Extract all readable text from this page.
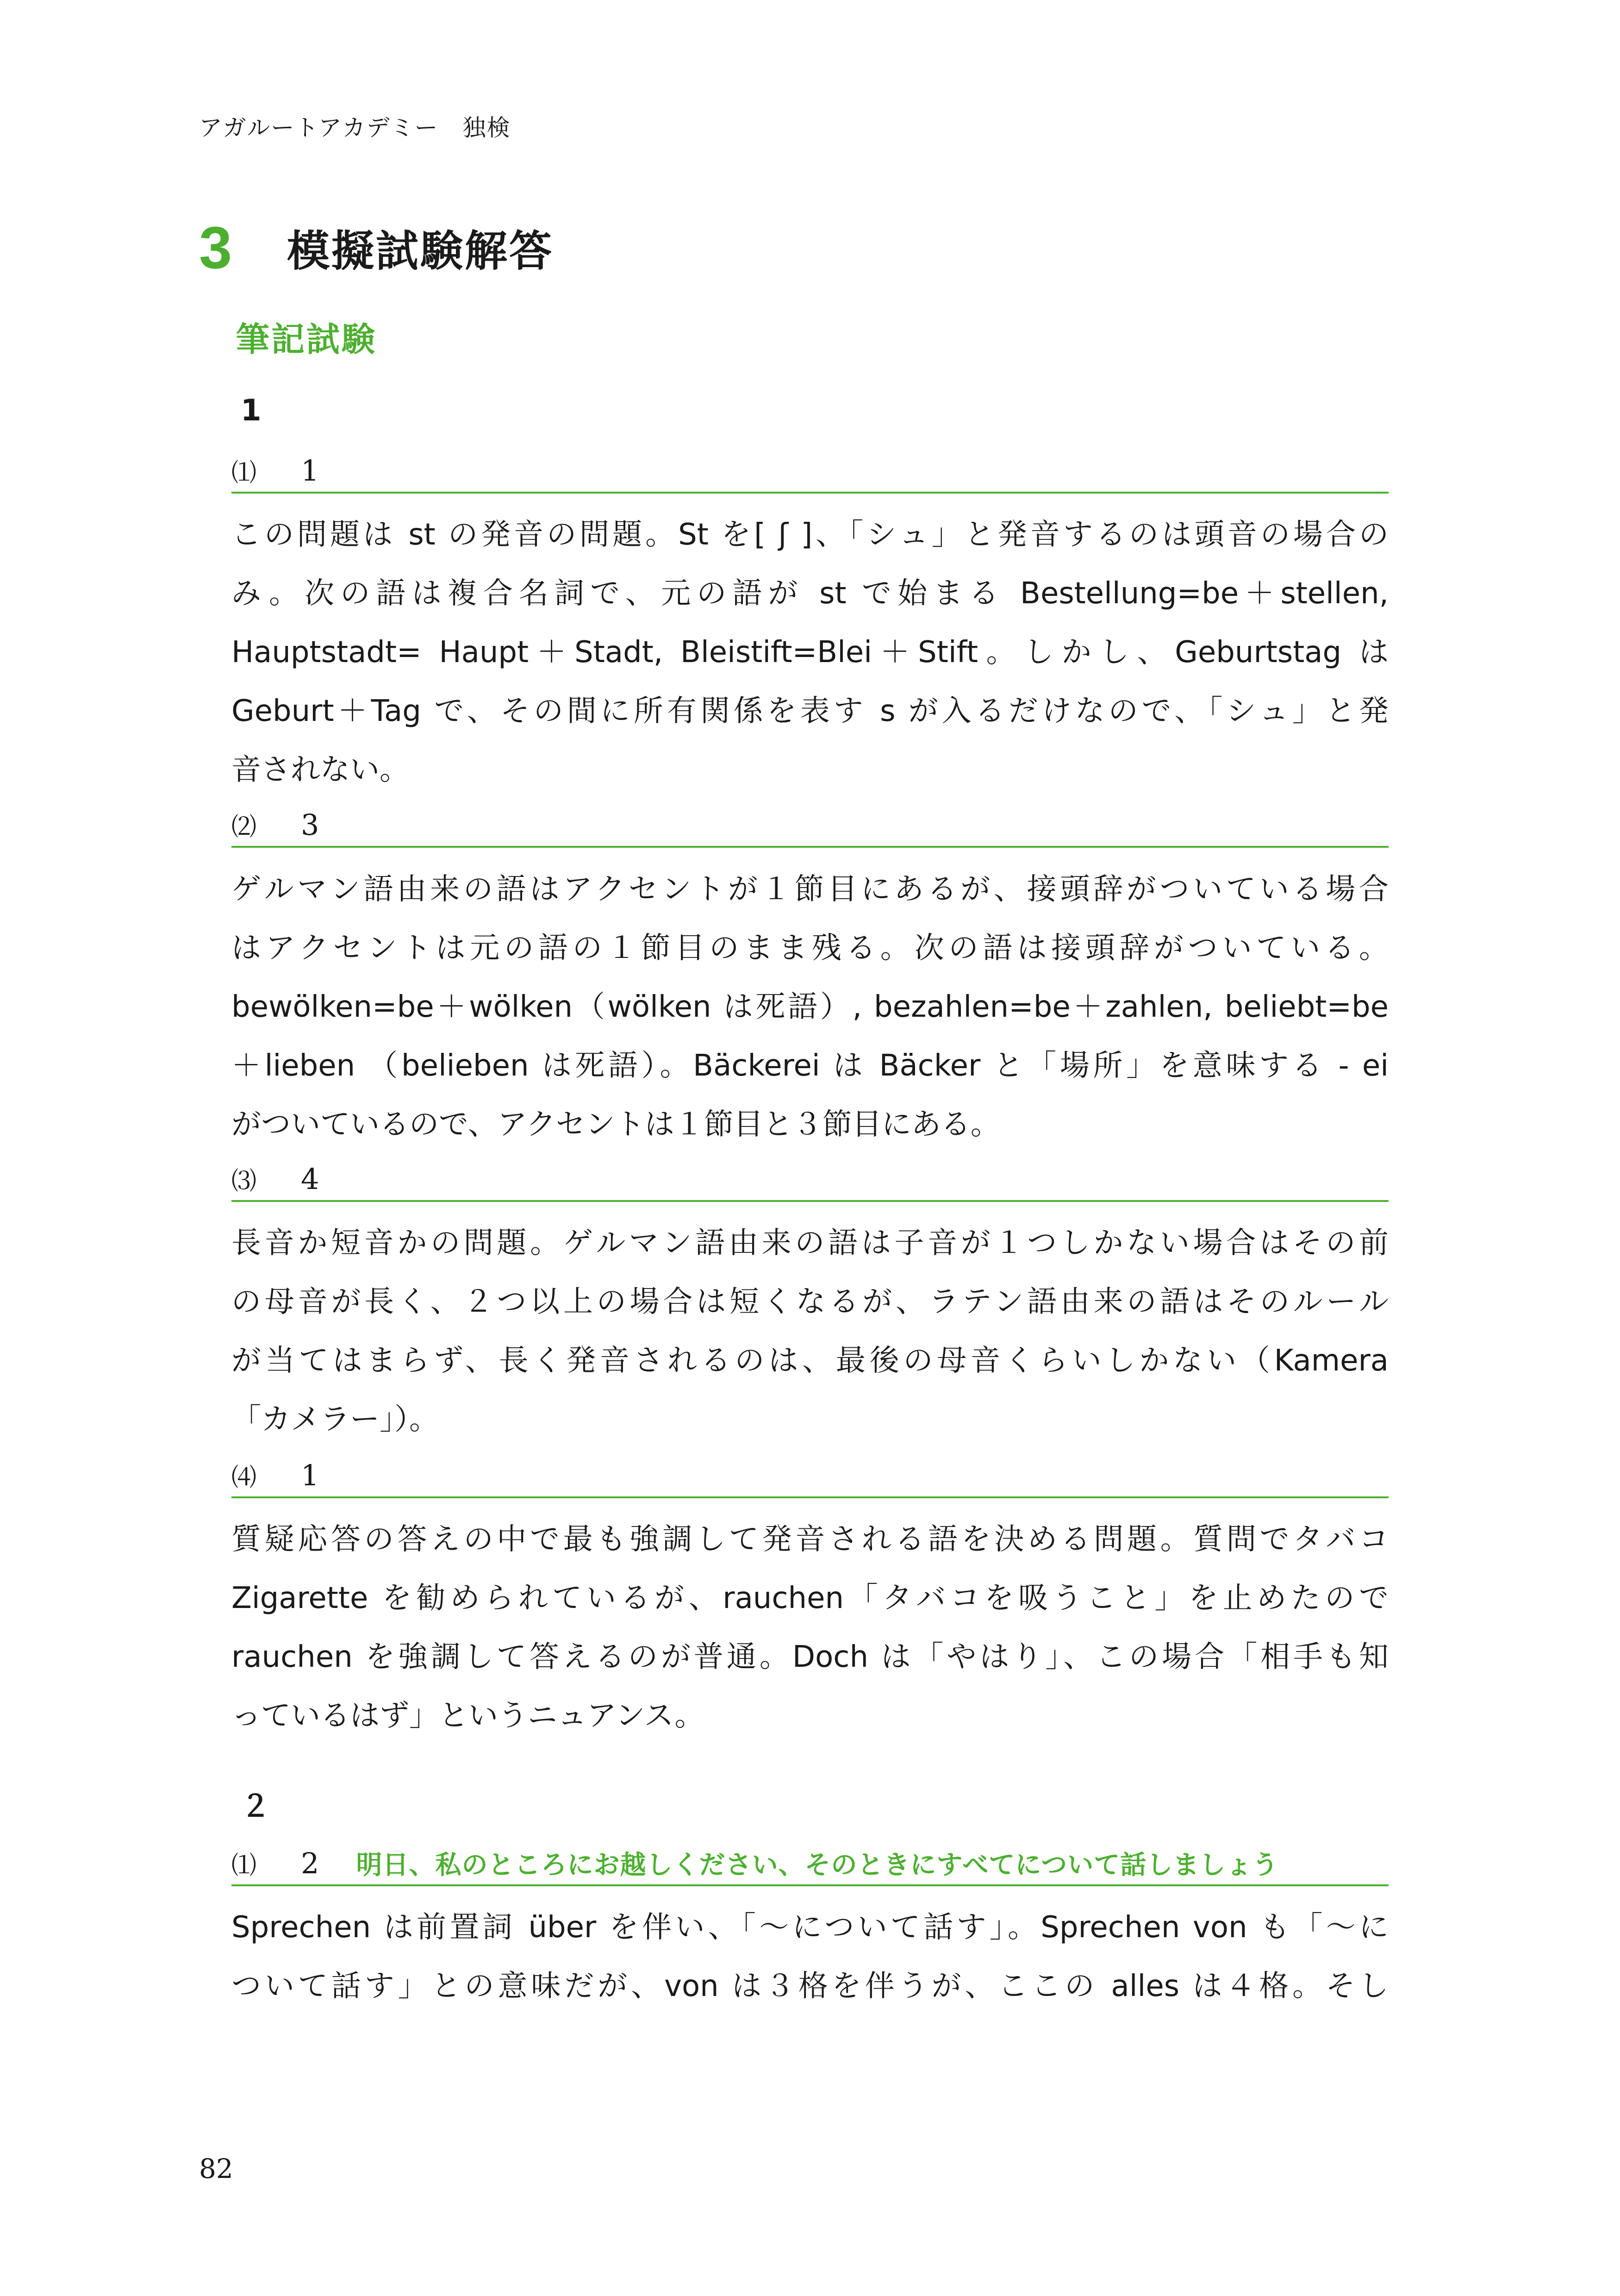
アガルートアカデミー　独検
3	模擬試験解答
筆記試験
1
⑴	1
この問題は st の発音の問題。St を[ ʃ ]、「シュ」と発音するのは頭音の場合の
み。次の語は複合名詞で、元の語が st で始まる Bestellung=be＋stellen,
Hauptstadt= Haupt＋Stadt, Bleistift=Blei＋Stift。しかし、Geburtstag は
Geburt＋Tag で、その間に所有関係を表す s が入るだけなので、「シュ」と発
音されない。
⑵	3
ゲルマン語由来の語はアクセントが１節目にあるが、接頭辞がついている場合
はアクセントは元の語の１節目のまま残る。次の語は接頭辞がついている。
bewölken=be＋wölken（wölken は死語）, bezahlen=be＋zahlen, beliebt=be
＋lieben （belieben は死語）。Bäckerei は Bäcker と「場所」を意味する - ei
がついているので、アクセントは１節目と３節目にある。
⑶	4
長音か短音かの問題。ゲルマン語由来の語は子音が１つしかない場合はその前
の母音が長く、２つ以上の場合は短くなるが、ラテン語由来の語はそのルール
が当てはまらず、長く発音されるのは、最後の母音くらいしかない（Kamera
「カメラー」）。
⑷	1
質疑応答の答えの中で最も強調して発音される語を決める問題。質問でタバコ
Zigarette を勧められているが、rauchen「タバコを吸うこと」を止めたので
rauchen を強調して答えるのが普通。Doch は「やはり」、この場合「相手も知
っているはず」というニュアンス。
２
⑴	2 明日、私のところにお越しください、そのときにすべてについて話しましょう
Sprechen は前置詞 über を伴い、「～について話す」。Sprechen von も「～に
ついて話す」との意味だが、von は３格を伴うが、ここの alles は４格。そし
82
